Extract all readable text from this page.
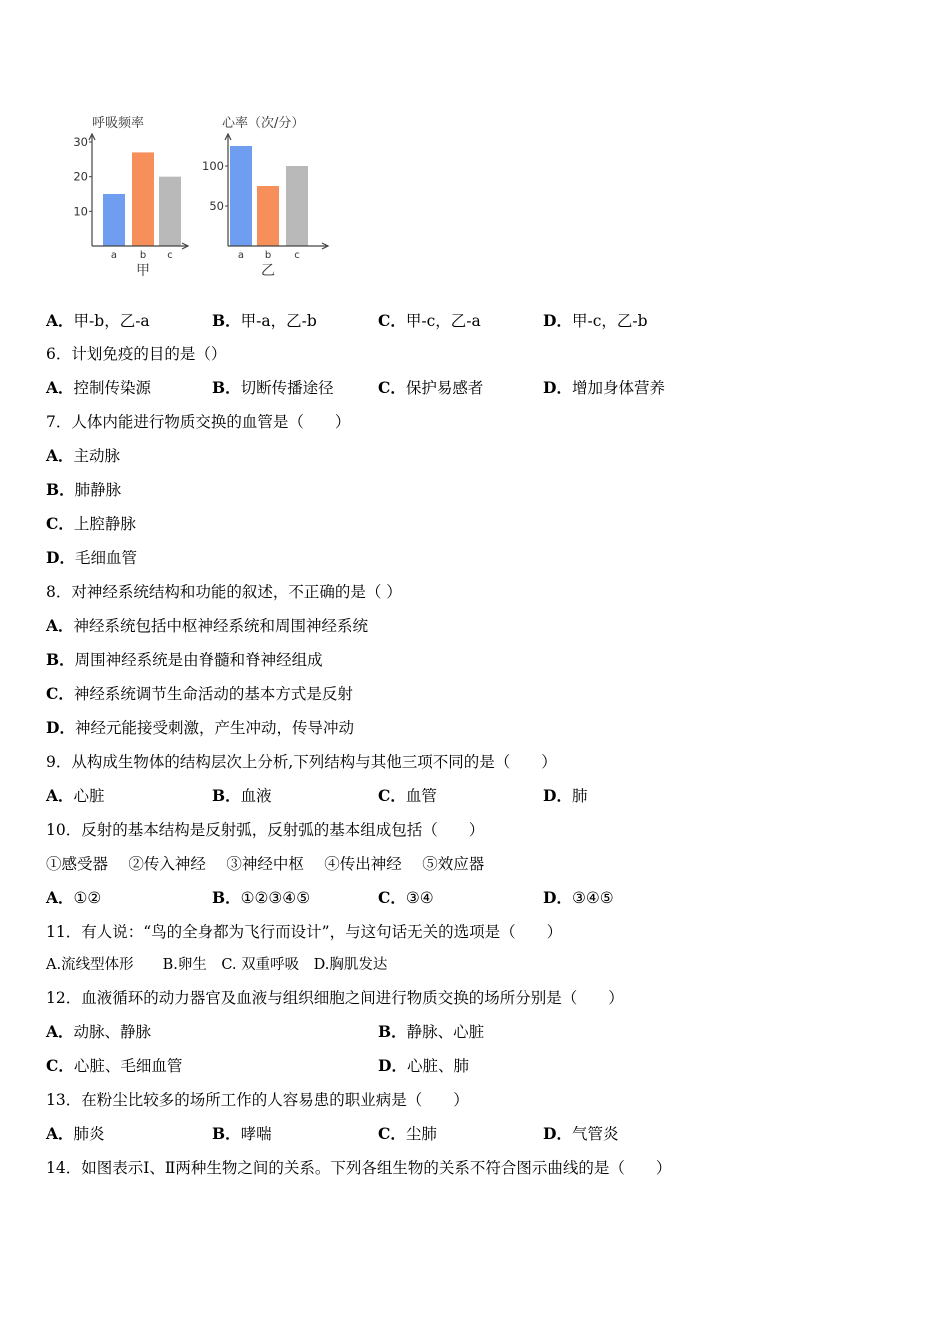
10
20
30
a b c
呼吸频率
甲
50
100
a b c
心率（次/分）
乙
A．甲-b，乙-a	B．甲-a，乙-b	C．甲-c，乙-a	D．甲-c，乙-b
6．计划免疫的目的是（）
A．控制传染源	B．切断传播途径	C．保护易感者	D．增加身体营养
7．人体内能进行物质交换的血管是（　　）
A．主动脉
B．肺静脉
C．上腔静脉
D．毛细血管
8．对神经系统结构和功能的叙述，不正确的是（ ）
A．神经系统包括中枢神经系统和周围神经系统
B．周围神经系统是由脊髓和脊神经组成
C．神经系统调节生命活动的基本方式是反射
D．神经元能接受刺激，产生冲动，传导冲动
9．从构成生物体的结构层次上分析,下列结构与其他三项不同的是（　　）
A．心脏	B．血液	C．血管	D．肺
10．反射的基本结构是反射弧，反射弧的基本组成包括（　　）
①感受器　 ②传入神经　 ③神经中枢　 ④传出神经　 ⑤效应器
A．①②	B．①②③④⑤	C．③④	D．③④⑤
11．有人说：“鸟的全身都为飞行而设计”，与这句话无关的选项是（　　）
A.流线型体形　　B.卵生　C. 双重呼吸　D.胸肌发达
12．血液循环的动力器官及血液与组织细胞之间进行物质交换的场所分别是（　　）
A．动脉、静脉	B．静脉、心脏
C．心脏、毛细血管	D．心脏、肺
13．在粉尘比较多的场所工作的人容易患的职业病是（　　）
A．肺炎	B．哮喘	C．尘肺	D．气管炎
14．如图表示Ⅰ、Ⅱ两种生物之间的关系。下列各组生物的关系不符合图示曲线的是（　　）
